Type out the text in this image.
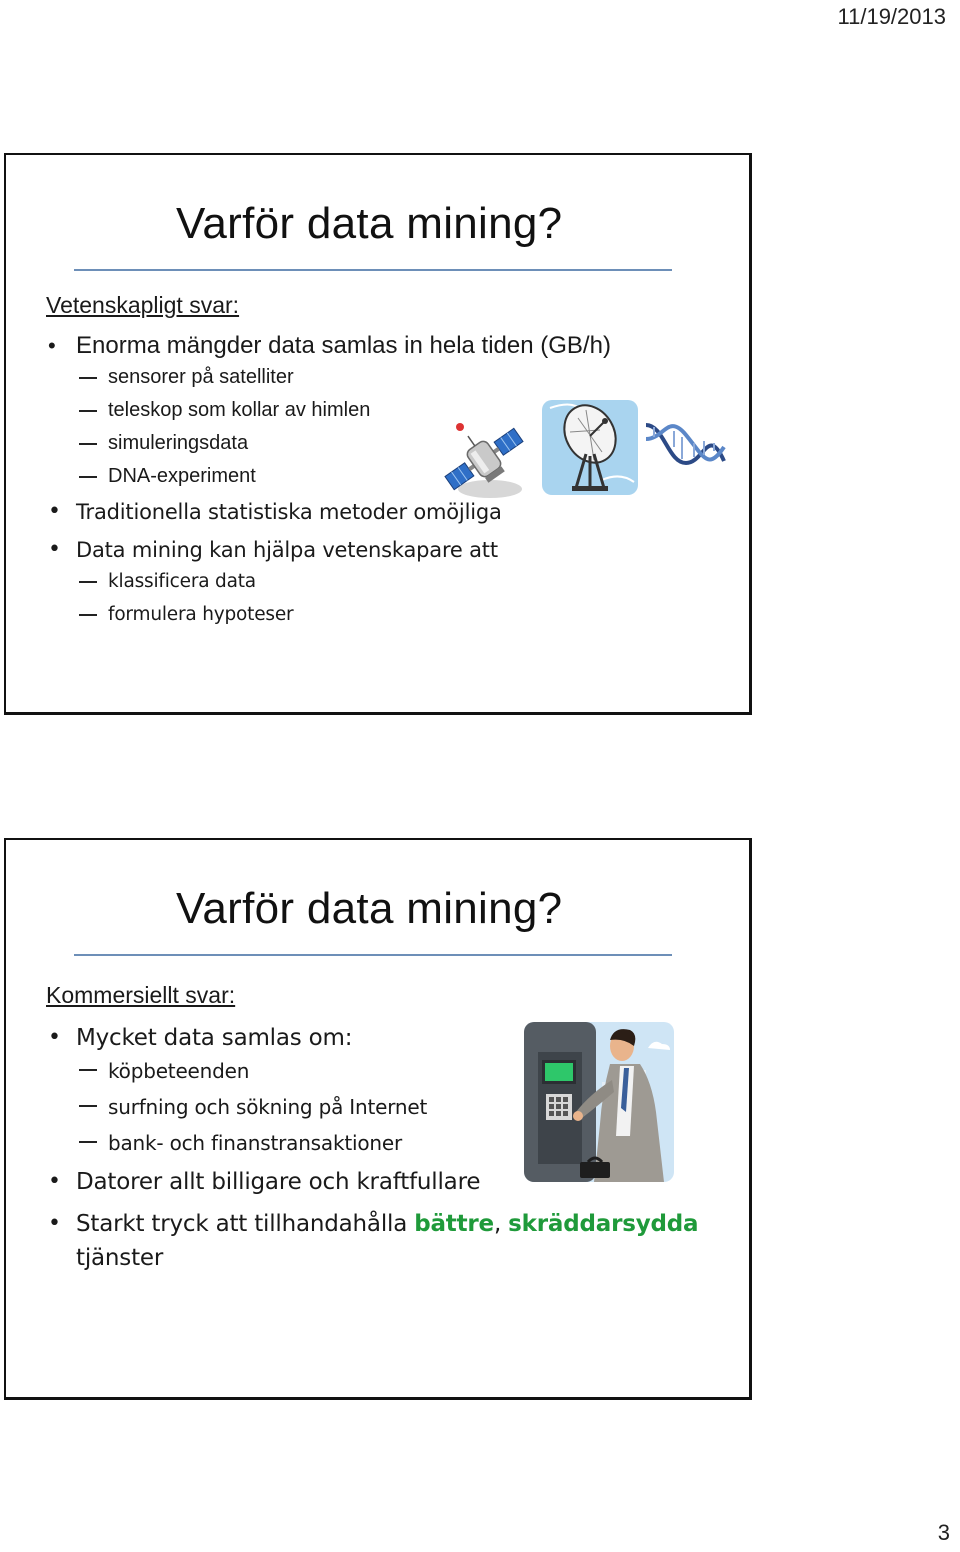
11/19/2013
Varför data mining?
Vetenskapligt svar:
• Enorma mängder data samlas in hela tiden (GB/h)
sensorer på satelliter
teleskop som kollar av himlen
simuleringsdata
DNA-experiment
• Traditionella statistiska metoder omöjliga
• Data mining kan hjälpa vetenskapare att
klassificera data
formulera hypoteser
Varför data mining?
Kommersiellt svar:
• Mycket data samlas om:
köpbeteenden
surfning och sökning på Internet
bank- och finanstransaktioner
• Datorer allt billigare och kraftfullare
• Starkt tryck att tillhandahålla bättre, skräddarsydda
tjänster
3
